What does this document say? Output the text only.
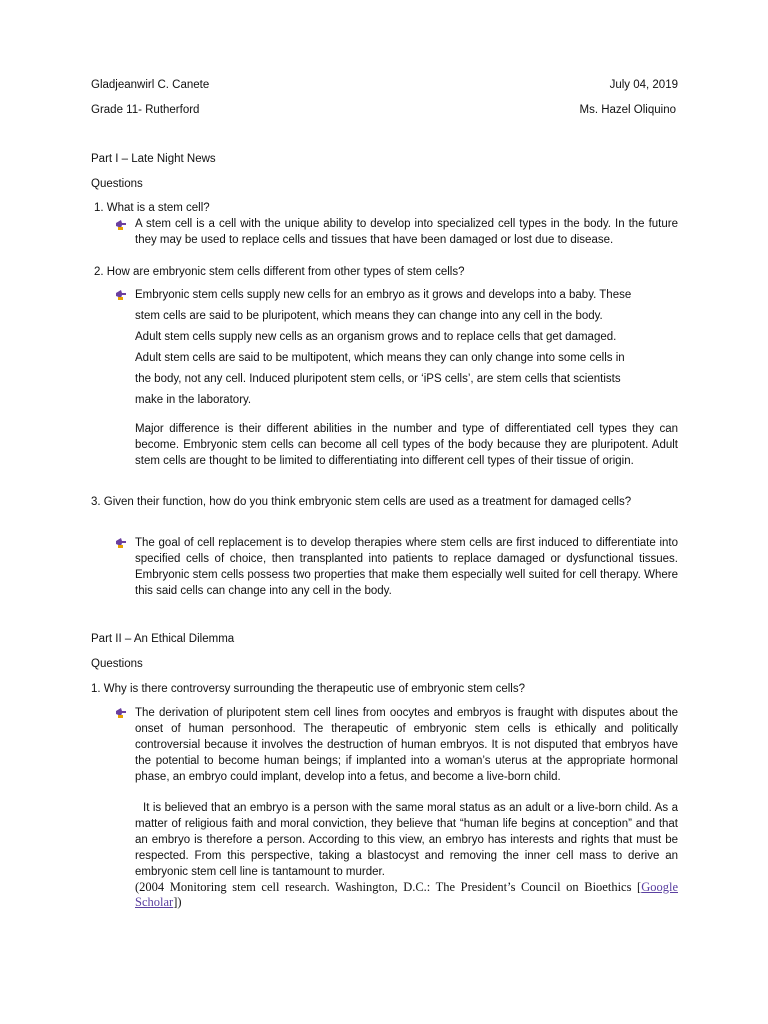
Gladjeanwirl C. Canete	July 04, 2019
Grade 11- Rutherford	Ms. Hazel Oliquino
Part I – Late Night News
Questions
1. What is a stem cell?

A stem cell is a cell with the unique ability to develop into specialized cell types in the body. In the future they may be used to replace cells and tissues that have been damaged or lost due to disease.

2. How are embryonic stem cells different from other types of stem cells?
Embryonic stem cells supply new cells for an embryo as it grows and develops into a baby. These
stem cells are said to be pluripotent, which means they can change into any cell in the body.
Adult stem cells supply new cells as an organism grows and to replace cells that get damaged.
Adult stem cells are said to be multipotent, which means they can only change into some cells in
the body, not any cell. Induced pluripotent stem cells, or ‘iPS cells’, are stem cells that scientists
make in the laboratory.

Major difference is their different abilities in the number and type of differentiated cell types they can become. Embryonic stem cells can become all cell types of the body because they are pluripotent. Adult stem cells are thought to be limited to differentiating into different cell types of their tissue of origin.

3. Given their function, how do you think embryonic stem cells are used as a treatment for damaged cells?

The goal of cell replacement is to develop therapies where stem cells are first induced to differentiate into specified cells of choice, then transplanted into patients to replace damaged or dysfunctional tissues. Embryonic stem cells possess two properties that make them especially well suited for cell therapy. Where this said cells can change into any cell in the body.

Part II – An Ethical Dilemma
Questions
1. Why is there controversy surrounding the therapeutic use of embryonic stem cells?

The derivation of pluripotent stem cell lines from oocytes and embryos is fraught with disputes about the onset of human personhood. The therapeutic of embryonic stem cells is ethically and politically controversial because it involves the destruction of human embryos. It is not disputed that embryos have the potential to become human beings; if implanted into a woman’s uterus at the appropriate hormonal phase, an embryo could implant, develop into a fetus, and become a live-born child.

It is believed that an embryo is a person with the same moral status as an adult or a live-born child. As a matter of religious faith and moral conviction, they believe that “human life begins at conception” and that an embryo is therefore a person. According to this view, an embryo has interests and rights that must be respected. From this perspective, taking a blastocyst and removing the inner cell mass to derive an embryonic stem cell line is tantamount to murder.

(2004 Monitoring stem cell research. Washington, D.C.: The President’s Council on Bioethics [Google Scholar])
